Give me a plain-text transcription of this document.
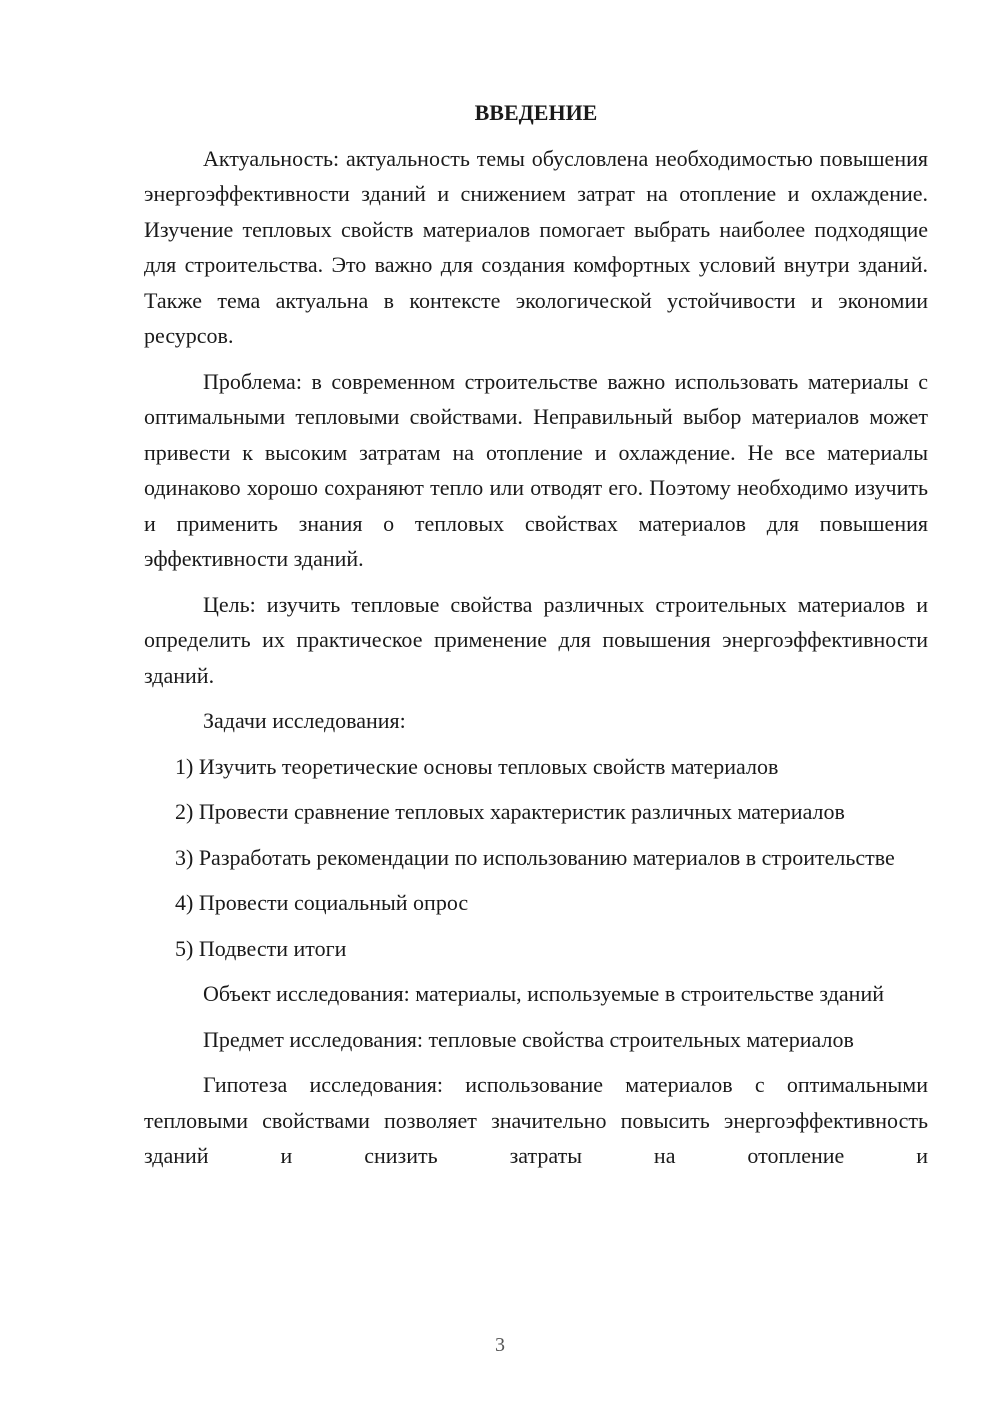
ВВЕДЕНИЕ

Актуальность: актуальность темы обусловлена необходимостью повышения энергоэффективности зданий и снижением затрат на отопление и охлаждение. Изучение тепловых свойств материалов помогает выбрать наиболее подходящие для строительства. Это важно для создания комфортных условий внутри зданий. Также тема актуальна в контексте экологической устойчивости и экономии ресурсов.

Проблема: в современном строительстве важно использовать материалы с оптимальными тепловыми свойствами. Неправильный выбор материалов может привести к высоким затратам на отопление и охлаждение. Не все материалы одинаково хорошо сохраняют тепло или отводят его. Поэтому необходимо изучить и применить знания о тепловых свойствах материалов для повышения эффективности зданий.

Цель: изучить тепловые свойства различных строительных материалов и определить их практическое применение для повышения энергоэффективности зданий.

Задачи исследования:

1) Изучить теоретические основы тепловых свойств материалов

2) Провести сравнение тепловых характеристик различных материалов

3) Разработать рекомендации по использованию материалов в строительстве

4) Провести социальный опрос

5) Подвести итоги

Объект исследования: материалы, используемые в строительстве зданий

Предмет исследования: тепловые свойства строительных материалов

Гипотеза исследования: использование материалов с оптимальными тепловыми свойствами позволяет значительно повысить энергоэффективность зданий и снизить затраты на отопление и

3
